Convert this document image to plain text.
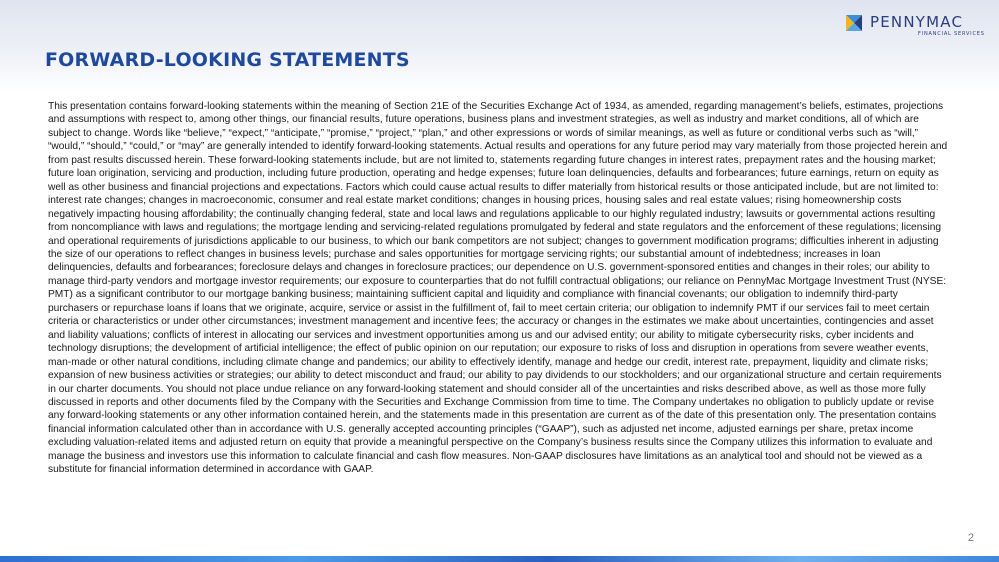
FORWARD-LOOKING STATEMENTS
PENNYMAC
FINANCIAL SERVICES

This presentation contains forward-looking statements within the meaning of Section 21E of the Securities Exchange Act of 1934, as amended, regarding management’s beliefs, estimates, projections and assumptions with respect to, among other things, our financial results, future operations, business plans and investment strategies, as well as industry and market conditions, all of which are subject to change. Words like “believe,” “expect,” “anticipate,” “promise,” “project,” “plan,” and other expressions or words of similar meanings, as well as future or conditional verbs such as “will,” “would,” “should,” “could,” or “may” are generally intended to identify forward-looking statements. Actual results and operations for any future period may vary materially from those projected herein and from past results discussed herein. These forward-looking statements include, but are not limited to, statements regarding future changes in interest rates, prepayment rates and the housing market; future loan origination, servicing and production, including future production, operating and hedge expenses; future loan delinquencies, defaults and forbearances; future earnings, return on equity as well as other business and financial projections and expectations. Factors which could cause actual results to differ materially from historical results or those anticipated include, but are not limited to: interest rate changes; changes in macroeconomic, consumer and real estate market conditions; changes in housing prices, housing sales and real estate values; rising homeownership costs negatively impacting housing affordability; the continually changing federal, state and local laws and regulations applicable to our highly regulated industry; lawsuits or governmental actions resulting from noncompliance with laws and regulations; the mortgage lending and servicing-related regulations promulgated by federal and state regulators and the enforcement of these regulations; licensing and operational requirements of jurisdictions applicable to our business, to which our bank competitors are not subject; changes to government modification programs; difficulties inherent in adjusting the size of our operations to reflect changes in business levels; purchase and sales opportunities for mortgage servicing rights; our substantial amount of indebtedness; increases in loan delinquencies, defaults and forbearances; foreclosure delays and changes in foreclosure practices; our dependence on U.S. government-sponsored entities and changes in their roles; our ability to manage third-party vendors and mortgage investor requirements; our exposure to counterparties that do not fulfill contractual obligations; our reliance on PennyMac Mortgage Investment Trust (NYSE: PMT) as a significant contributor to our mortgage banking business; maintaining sufficient capital and liquidity and compliance with financial covenants; our obligation to indemnify third-party purchasers or repurchase loans if loans that we originate, acquire, service or assist in the fulfillment of, fail to meet certain criteria; our obligation to indemnify PMT if our services fail to meet certain criteria or characteristics or under other circumstances; investment management and incentive fees; the accuracy or changes in the estimates we make about uncertainties, contingencies and asset and liability valuations; conflicts of interest in allocating our services and investment opportunities among us and our advised entity; our ability to mitigate cybersecurity risks, cyber incidents and technology disruptions; the development of artificial intelligence; the effect of public opinion on our reputation; our exposure to risks of loss and disruption in operations from severe weather events, man-made or other natural conditions, including climate change and pandemics; our ability to effectively identify, manage and hedge our credit, interest rate, prepayment, liquidity and climate risks; expansion of new business activities or strategies; our ability to detect misconduct and fraud; our ability to pay dividends to our stockholders; and our organizational structure and certain requirements in our charter documents. You should not place undue reliance on any forward-looking statement and should consider all of the uncertainties and risks described above, as well as those more fully discussed in reports and other documents filed by the Company with the Securities and Exchange Commission from time to time. The Company undertakes no obligation to publicly update or revise any forward-looking statements or any other information contained herein, and the statements made in this presentation are current as of the date of this presentation only. The presentation contains financial information calculated other than in accordance with U.S. generally accepted accounting principles (“GAAP”), such as adjusted net income, adjusted earnings per share, pretax income excluding valuation-related items and adjusted return on equity that provide a meaningful perspective on the Company’s business results since the Company utilizes this information to evaluate and manage the business and investors use this information to calculate financial and cash flow measures. Non-GAAP disclosures have limitations as an analytical tool and should not be viewed as a substitute for financial information determined in accordance with GAAP.

2
